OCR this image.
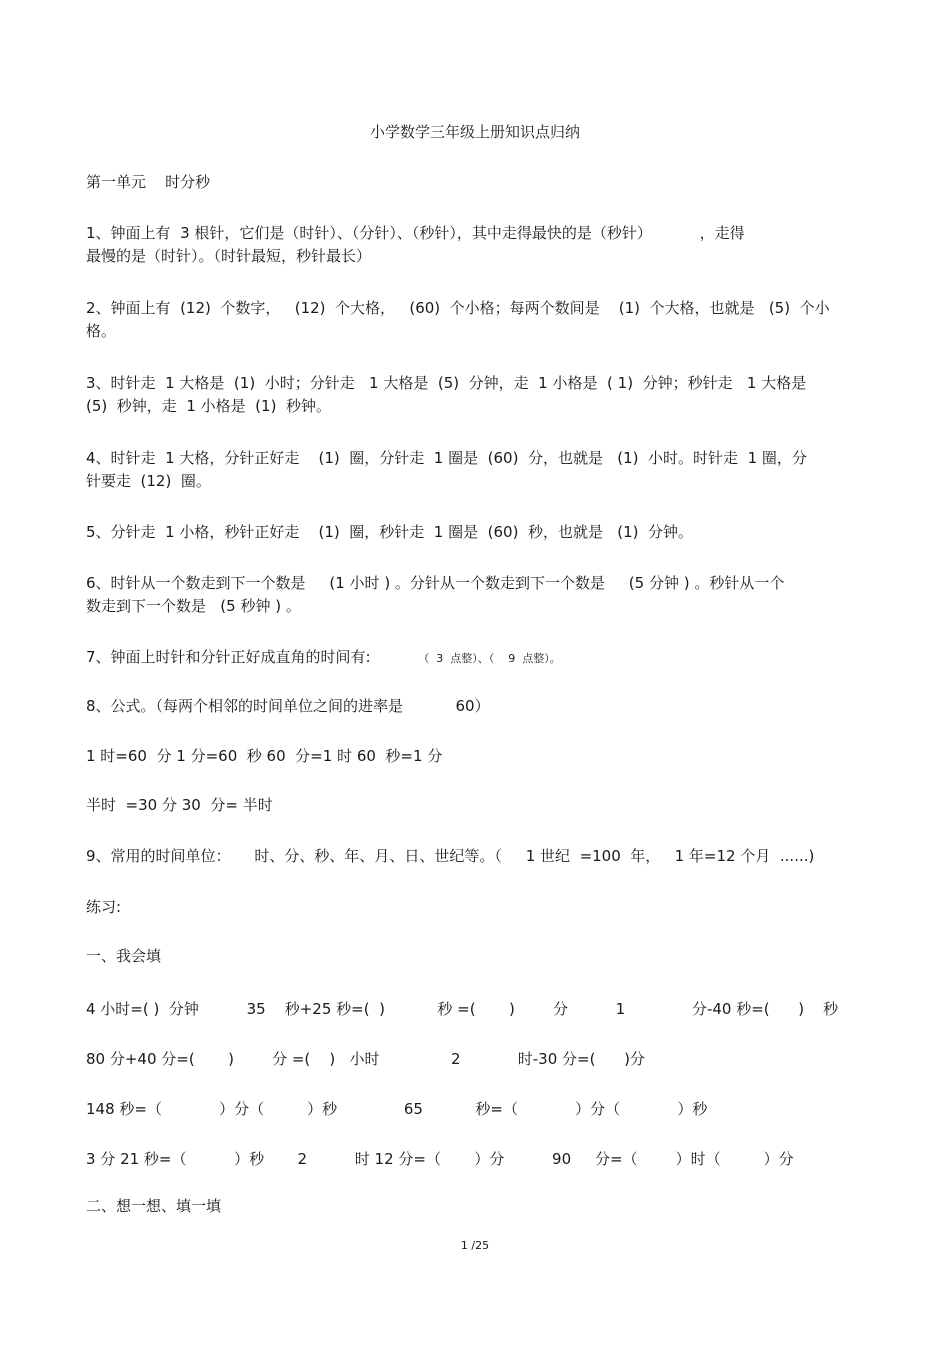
小学数学三年级上册知识点归纳
第一单元    时分秒
1、钟面上有  3 根针，它们是（时针）、（分针）、（秒针），其中走得最快的是（秒针）          ，走得
最慢的是（时针）。（时针最短，秒针最长）
2、钟面上有  (12)  个数字，   (12)  个大格，   (60)  个小格；每两个数间是    (1)  个大格，也就是   (5)  个小
格。
3、时针走  1 大格是  (1)  小时；分针走   1 大格是  (5)  分钟，走  1 小格是  ( 1)  分钟；秒针走   1 大格是
(5)  秒钟，走  1 小格是  (1)  秒钟。
4、时针走  1 大格，分针正好走    (1)  圈，分针走  1 圈是  (60)  分，也就是   (1)  小时。时针走  1 圈，分
针要走  (12)  圈。
5、分针走  1 小格，秒针正好走    (1)  圈，秒针走  1 圈是  (60)  秒，也就是   (1)  分钟。
6、时针从一个数走到下一个数是     (1 小时 ) 。分针从一个数走到下一个数是     (5 分钟 ) 。秒针从一个
数走到下一个数是   (5 秒钟 ) 。
7、钟面上时针和分针正好成直角的时间有:	（  3  点整）、（    9  点整）。
8、公式。（每两个相邻的时间单位之间的进率是           60）
1 时=60  分 1 分=60  秒 60  分=1 时 60  秒=1 分
半时  =30 分 30  分= 半时
9、常用的时间单位：     时、分、秒、年、月、日、世纪等。（     1 世纪  =100  年，   1 年=12 个月  ......)
练习:
一、我会填
4 小时=( )  分钟          35    秒+25 秒=(  )           秒 =(       )        分          1              分-40 秒=(      )    秒
80 分+40 分=(       )        分 =(    )   小时               2            时-30 分=(      )分
148 秒=（            ）分（         ）秒              65           秒=（            ）分（            ）秒
3 分 21 秒=（          ）秒       2          时 12 分=（       ）分          90     分=（        ）时（         ）分
二、想一想、填一填
1 /25
